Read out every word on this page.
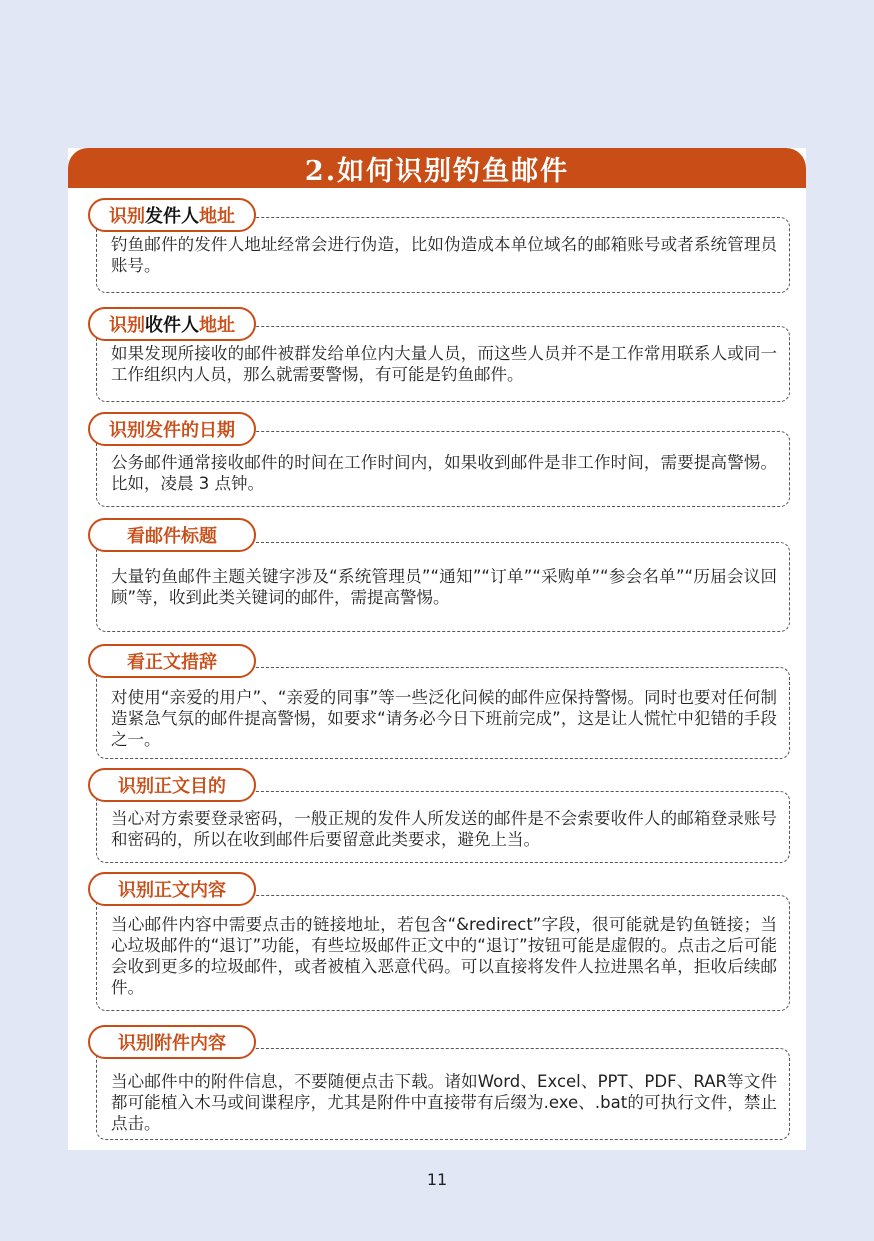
2.如何识别钓鱼邮件
钓鱼邮件的发件人地址经常会进行伪造，比如伪造成本单位域名的邮箱账号或者系统管理员账号。
识别 发件人 地址
如果发现所接收的邮件被群发给单位内大量人员，而这些人员并不是工作常用联系人或同一工作组织内人员，那么就需要警惕，有可能是钓鱼邮件。
识别 收件人 地址
公务邮件通常接收邮件的时间在工作时间内，如果收到邮件是非工作时间，需要提高警惕。比如，凌晨 3 点钟。
识别发件的日期
大量钓鱼邮件主题关键字涉及“系统管理员”“通知”“订单”“采购单”“参会名单”“历届会议回顾”等，收到此类关键词的邮件，需提高警惕。
看邮件标题
对使用“亲爱的用户”、“亲爱的同事”等一些泛化问候的邮件应保持警惕。同时也要对任何制造紧急气氛的邮件提高警惕，如要求“请务必今日下班前完成”，这是让人慌忙中犯错的手段之一。
看正文措辞
当心对方索要登录密码，一般正规的发件人所发送的邮件是不会索要收件人的邮箱登录账号和密码的，所以在收到邮件后要留意此类要求，避免上当。
识别正文目的
当心邮件内容中需要点击的链接地址，若包含“&redirect”字段，很可能就是钓鱼链接；当心垃圾邮件的“退订”功能，有些垃圾邮件正文中的“退订”按钮可能是虚假的。点击之后可能会收到更多的垃圾邮件，或者被植入恶意代码。可以直接将发件人拉进黑名单，拒收后续邮件。
识别正文内容
当心邮件中的附件信息，不要随便点击下载。诸如Word、Excel、PPT、PDF、RAR等文件都可能植入木马或间谍程序，尤其是附件中直接带有后缀为.exe、.bat的可执行文件，禁止点击。
识别附件内容
11
